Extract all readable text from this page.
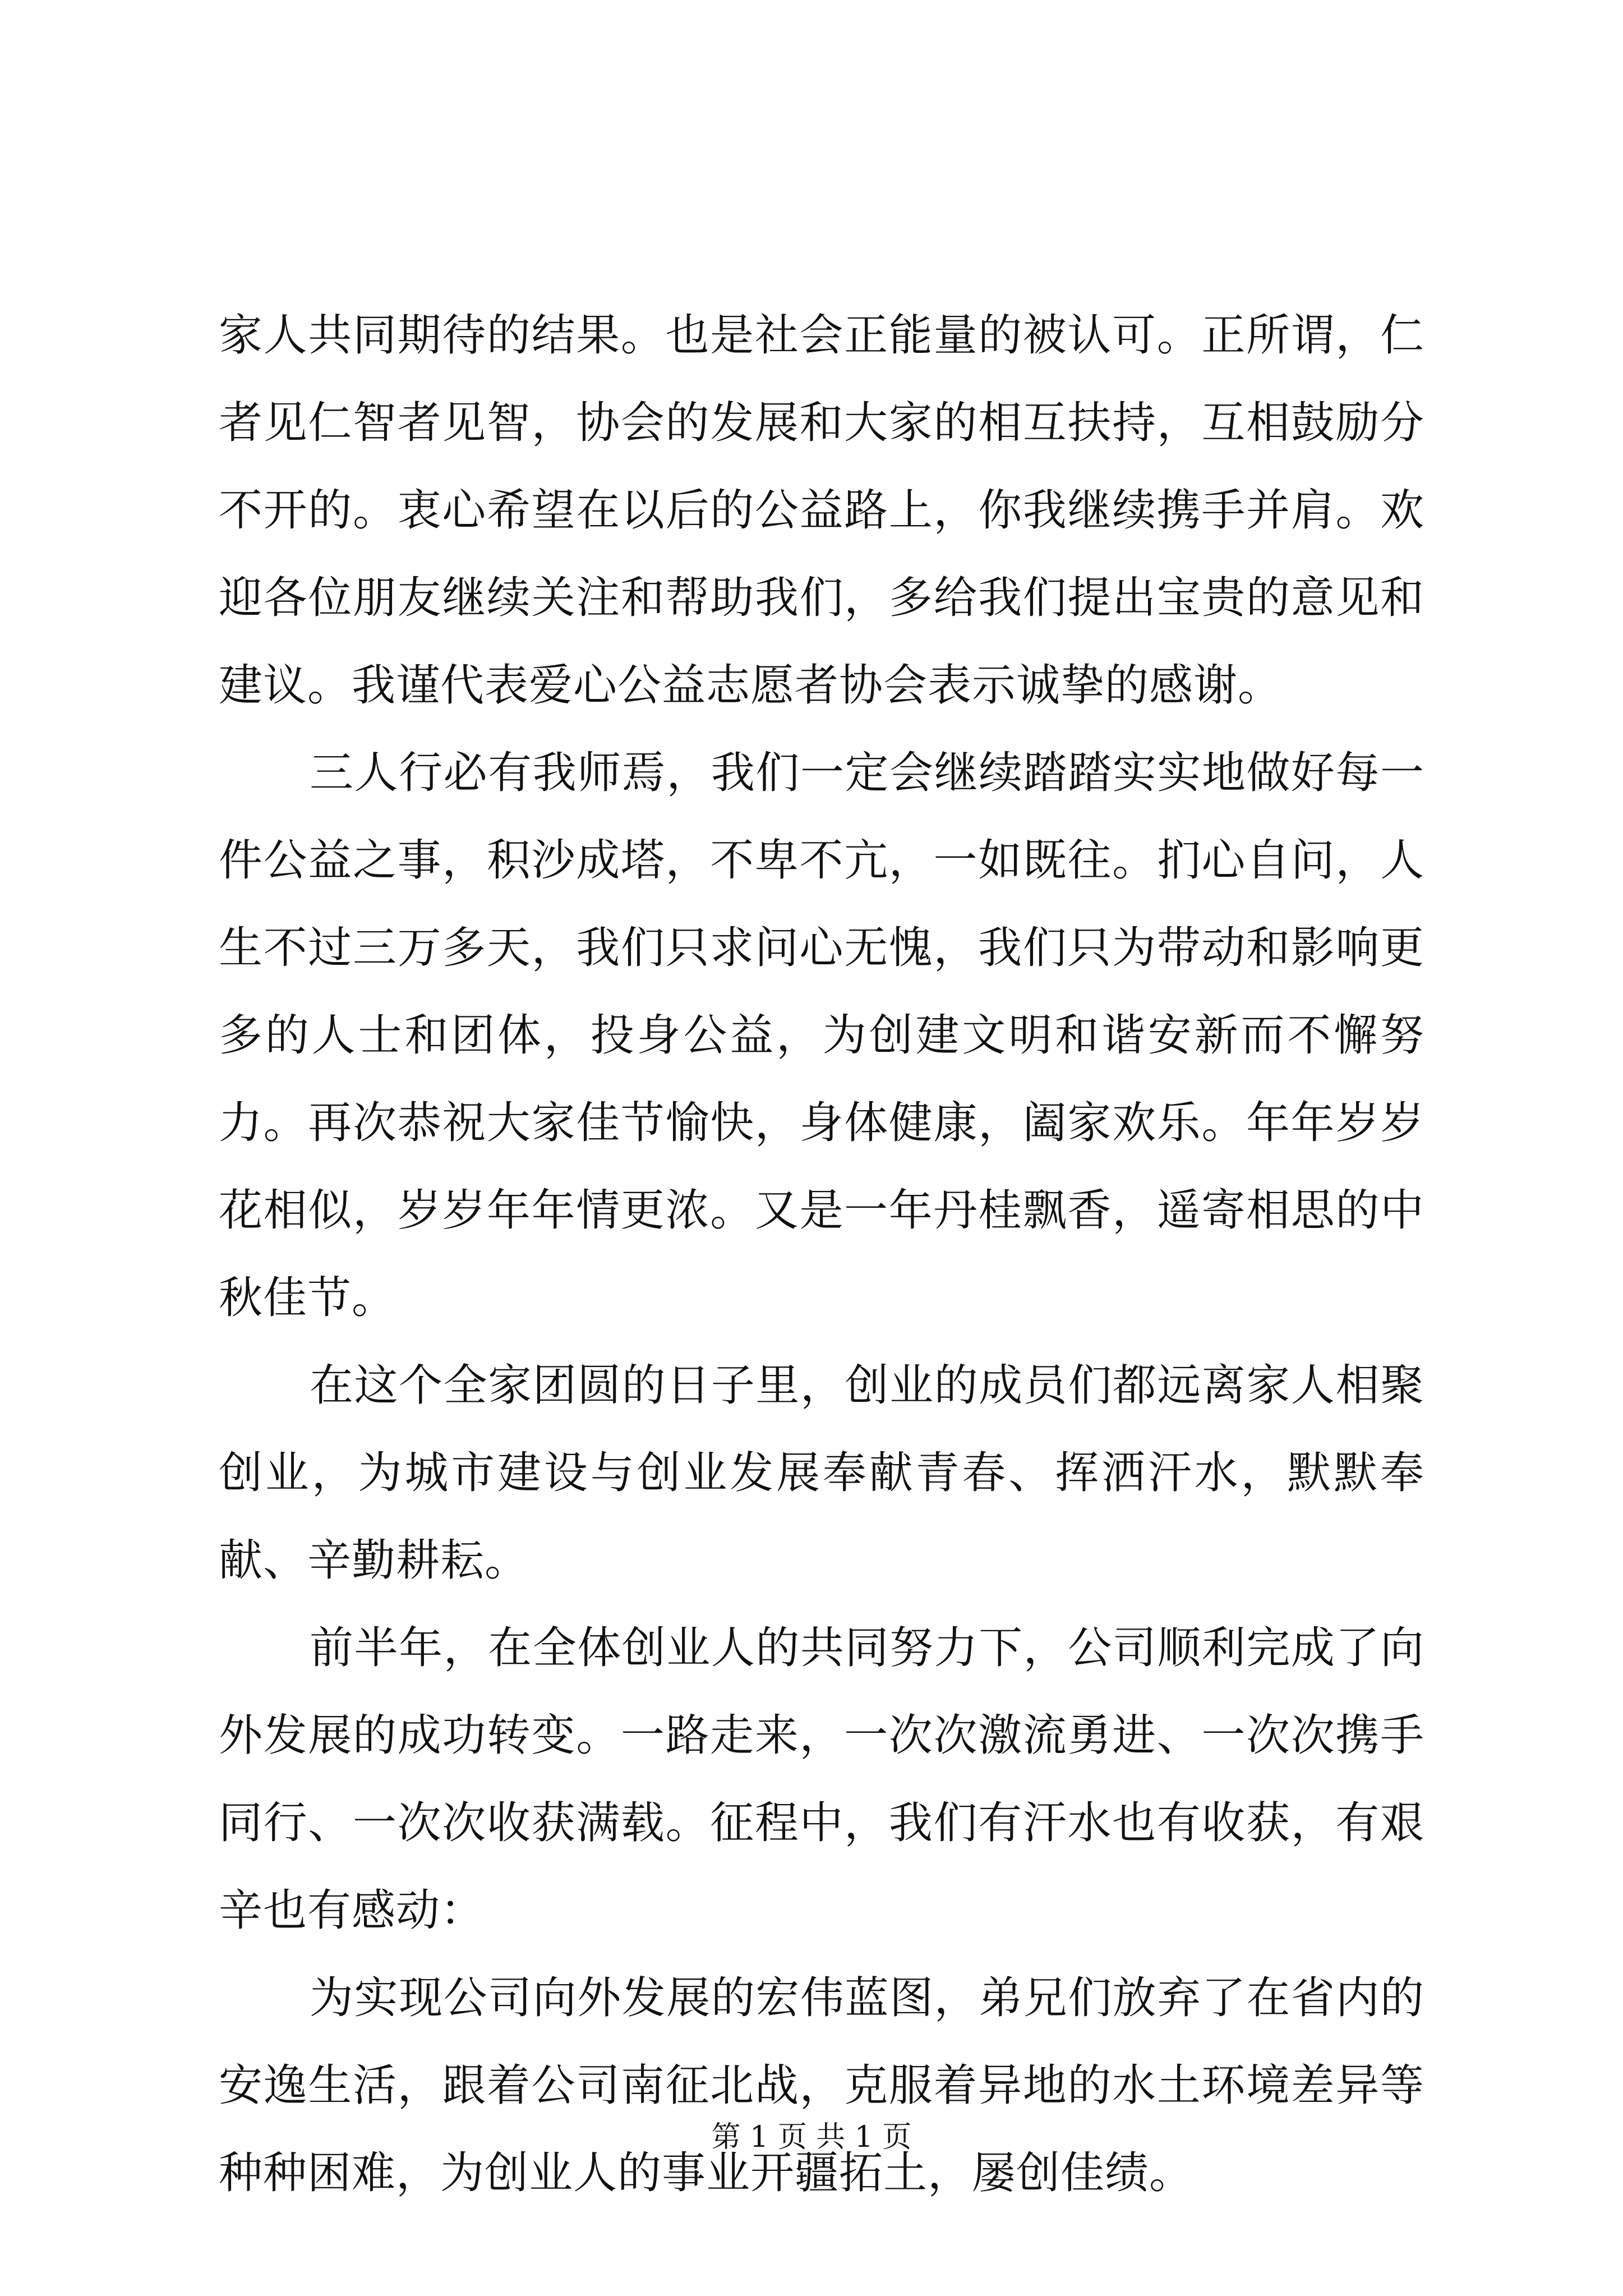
家人共同期待的结果。也是社会正能量的被认可。正所谓，仁者见仁智者见智，协会的发展和大家的相互扶持，互相鼓励分不开的。衷心希望在以后的公益路上，你我继续携手并肩。欢迎各位朋友继续关注和帮助我们，多给我们提出宝贵的意见和建议。我谨代表爱心公益志愿者协会表示诚挚的感谢。

三人行必有我师焉，我们一定会继续踏踏实实地做好每一件公益之事，积沙成塔，不卑不亢，一如既往。扪心自问，人生不过三万多天，我们只求问心无愧，我们只为带动和影响更多的人士和团体，投身公益，为创建文明和谐安新而不懈努力。再次恭祝大家佳节愉快，身体健康，阖家欢乐。年年岁岁花相似，岁岁年年情更浓。又是一年丹桂飘香，遥寄相思的中秋佳节。

在这个全家团圆的日子里，创业的成员们都远离家人相聚创业，为城市建设与创业发展奉献青春、挥洒汗水，默默奉献、辛勤耕耘。

前半年，在全体创业人的共同努力下，公司顺利完成了向外发展的成功转变。一路走来，一次次激流勇进、一次次携手同行、一次次收获满载。征程中，我们有汗水也有收获，有艰辛也有感动：

为实现公司向外发展的宏伟蓝图，弟兄们放弃了在省内的安逸生活，跟着公司南征北战，克服着异地的水土环境差异等种种困难，为创业人的事业开疆拓土，屡创佳绩。

第 1 页 共 1 页
